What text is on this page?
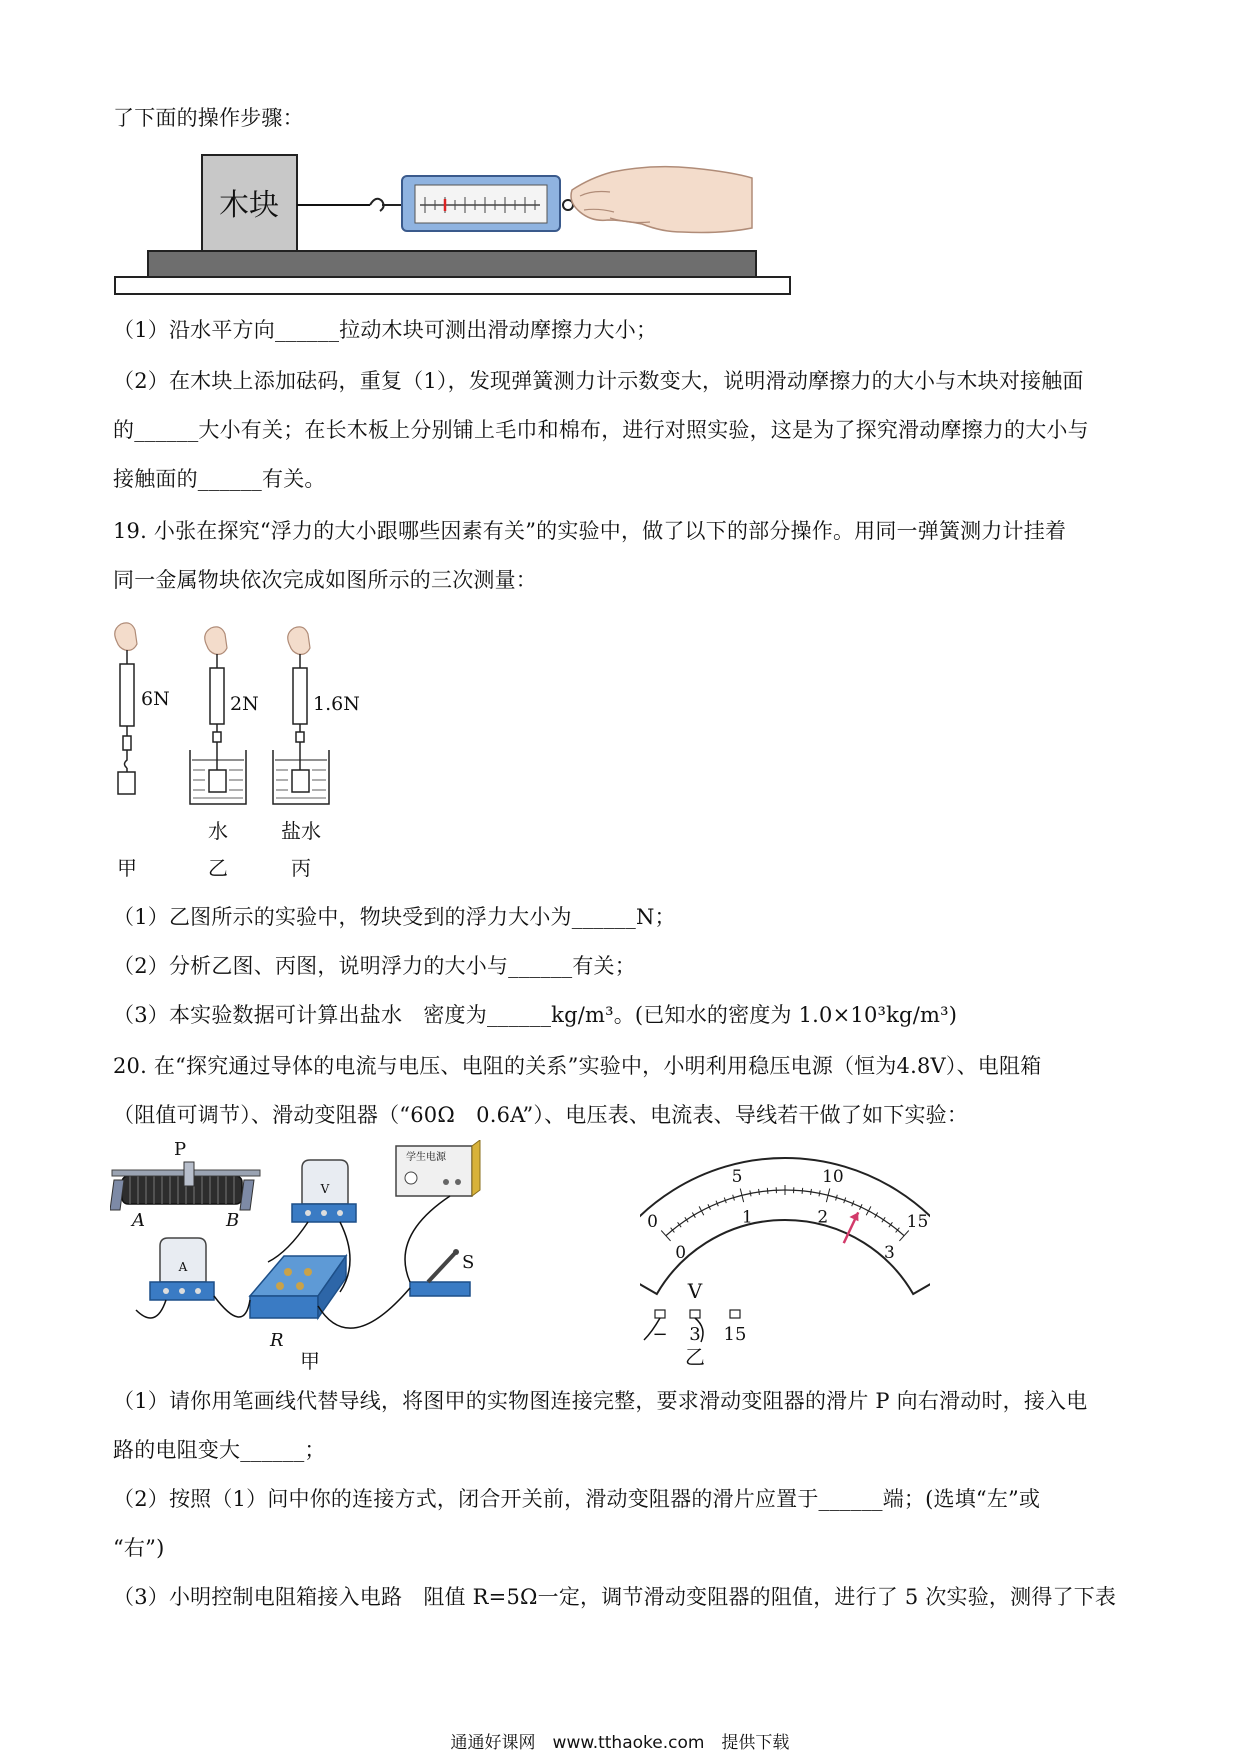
了下面的操作步骤：
木块
（1）沿水平方向______拉动木块可测出滑动摩擦力大小；
（2）在木块上添加砝码，重复（1），发现弹簧测力计示数变大，说明滑动摩擦力的大小与木块对接触面
的______大小有关；在长木板上分别铺上毛巾和棉布，进行对照实验，这是为了探究滑动摩擦力的大小与
接触面的______有关。
19. 小张在探究“浮力的大小跟哪些因素有关”的实验中，做了以下的部分操作。用同一弹簧测力计挂着
同一金属物块依次完成如图所示的三次测量：
6N	2N
水
1.6N
盐水
甲	乙	丙
（1）乙图所示的实验中，物块受到的浮力大小为______N；
（2）分析乙图、丙图，说明浮力的大小与______有关；
（3）本实验数据可计算出盐水　密度为______kg/m³。(已知水的密度为 1.0×10³kg/m³)
20. 在“探究通过导体的电流与电压、电阻的关系”实验中，小明利用稳压电源（恒为4.8V）、电阻箱
（阻值可调节）、滑动变阻器（“60Ω　0.6A”）、电压表、电流表、导线若干做了如下实验：
P
A	B
V
学生电源
S
A
R
甲
0
5	10
15
0
1	2
3
V
− 3 15
乙
（1）请你用笔画线代替导线，将图甲的实物图连接完整，要求滑动变阻器的滑片 P 向右滑动时，接入电
路的电阻变大______；
（2）按照（1）问中你的连接方式，闭合开关前，滑动变阻器的滑片应置于______端；(选填“左”或
“右”)
（3）小明控制电阻箱接入电路　阻值 R=5Ω一定，调节滑动变阻器的阻值，进行了 5 次实验，测得了下表
通通好课网　www.tthaoke.com　提供下载
